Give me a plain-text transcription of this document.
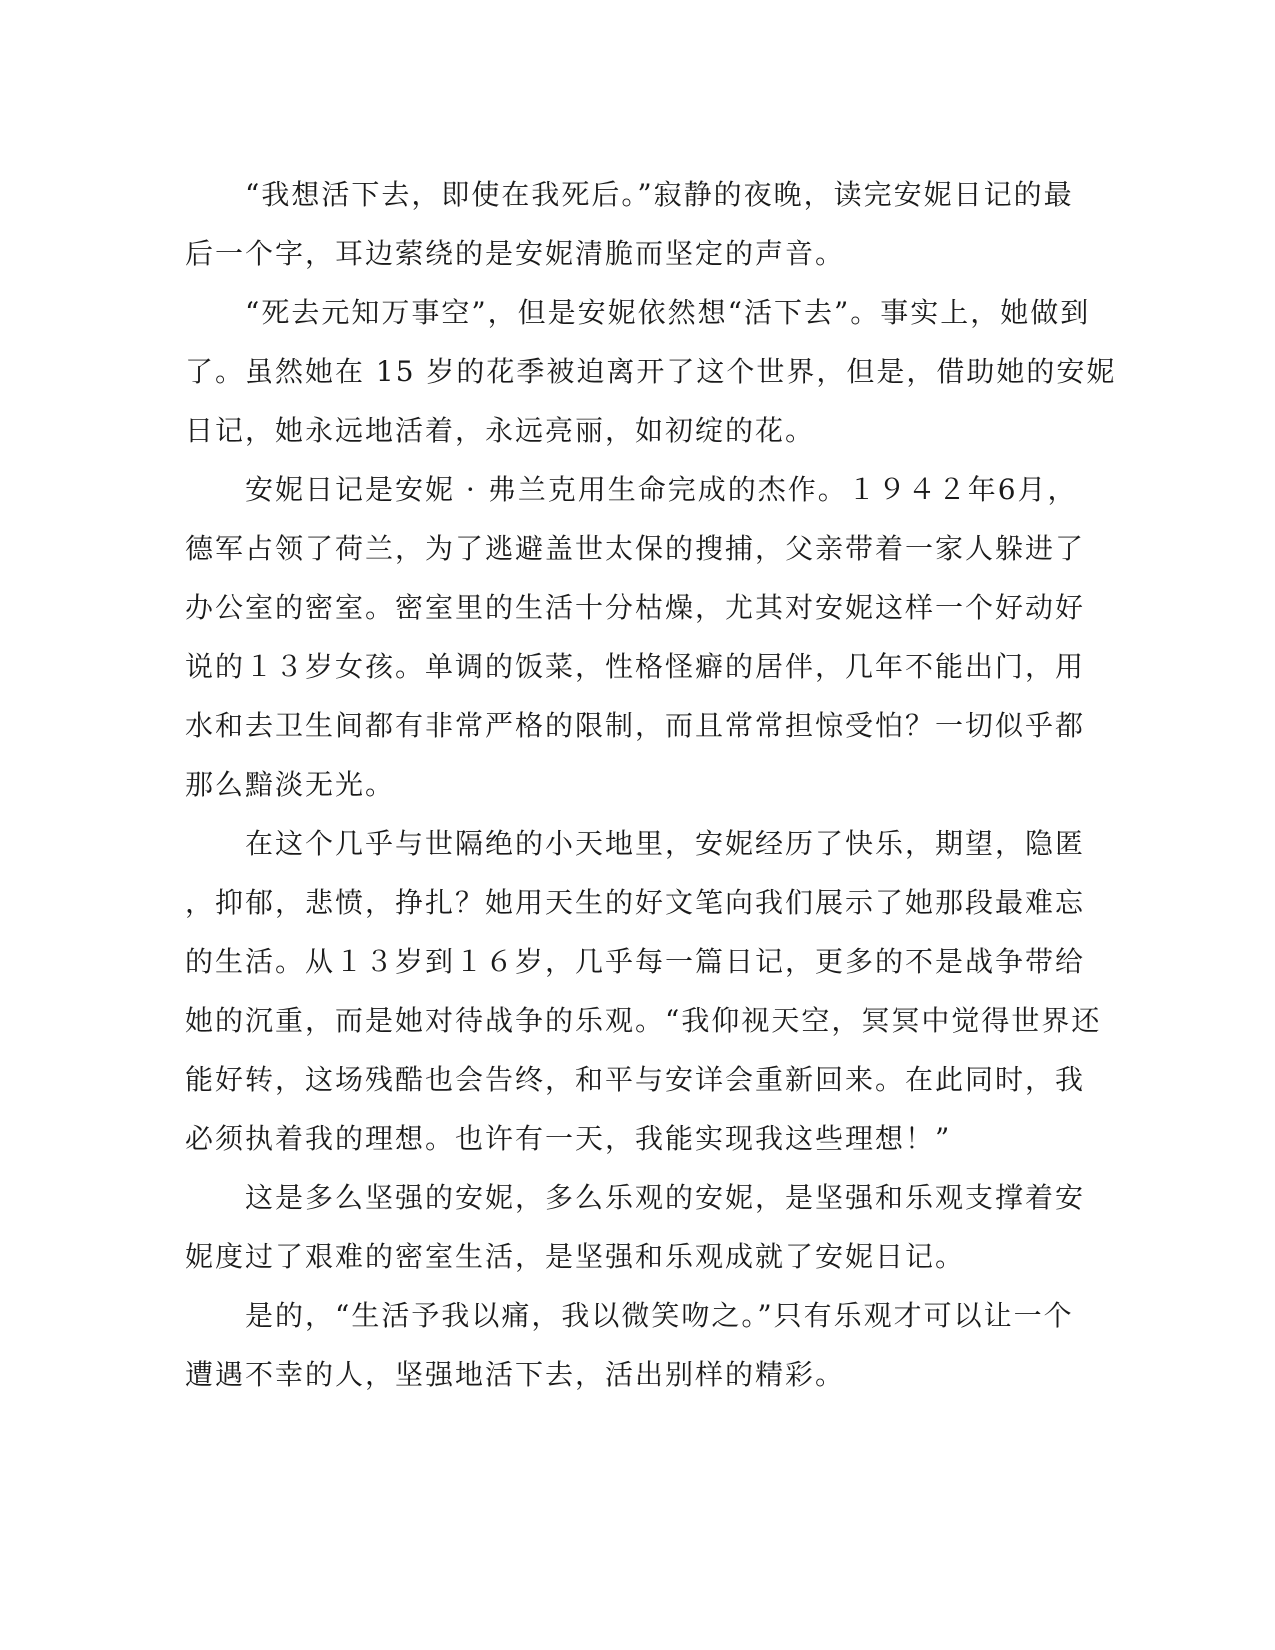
　　“我想活下去，即使在我死后。”寂静的夜晚，读完安妮日记的最
后一个字，耳边萦绕的是安妮清脆而坚定的声音。
　　“死去元知万事空”，但是安妮依然想“活下去”。事实上，她做到
了。虽然她在 15 岁的花季被迫离开了这个世界，但是，借助她的安妮
日记，她永远地活着，永远亮丽，如初绽的花。
　　安妮日记是安妮 · 弗兰克用生命完成的杰作。１９４２年6月，
德军占领了荷兰，为了逃避盖世太保的搜捕，父亲带着一家人躲进了
办公室的密室。密室里的生活十分枯燥，尤其对安妮这样一个好动好
说的１３岁女孩。单调的饭菜，性格怪癖的居伴，几年不能出门，用
水和去卫生间都有非常严格的限制，而且常常担惊受怕？一切似乎都
那么黯淡无光。
　　在这个几乎与世隔绝的小天地里，安妮经历了快乐，期望，隐匿
，抑郁，悲愤，挣扎？她用天生的好文笔向我们展示了她那段最难忘
的生活。从１３岁到１６岁，几乎每一篇日记，更多的不是战争带给
她的沉重，而是她对待战争的乐观。“我仰视天空，冥冥中觉得世界还
能好转，这场残酷也会告终，和平与安详会重新回来。在此同时，我
必须执着我的理想。也许有一天，我能实现我这些理想！”
　　这是多么坚强的安妮，多么乐观的安妮，是坚强和乐观支撑着安
妮度过了艰难的密室生活，是坚强和乐观成就了安妮日记。
　　是的，“生活予我以痛，我以微笑吻之。”只有乐观才可以让一个
遭遇不幸的人，坚强地活下去，活出别样的精彩。
